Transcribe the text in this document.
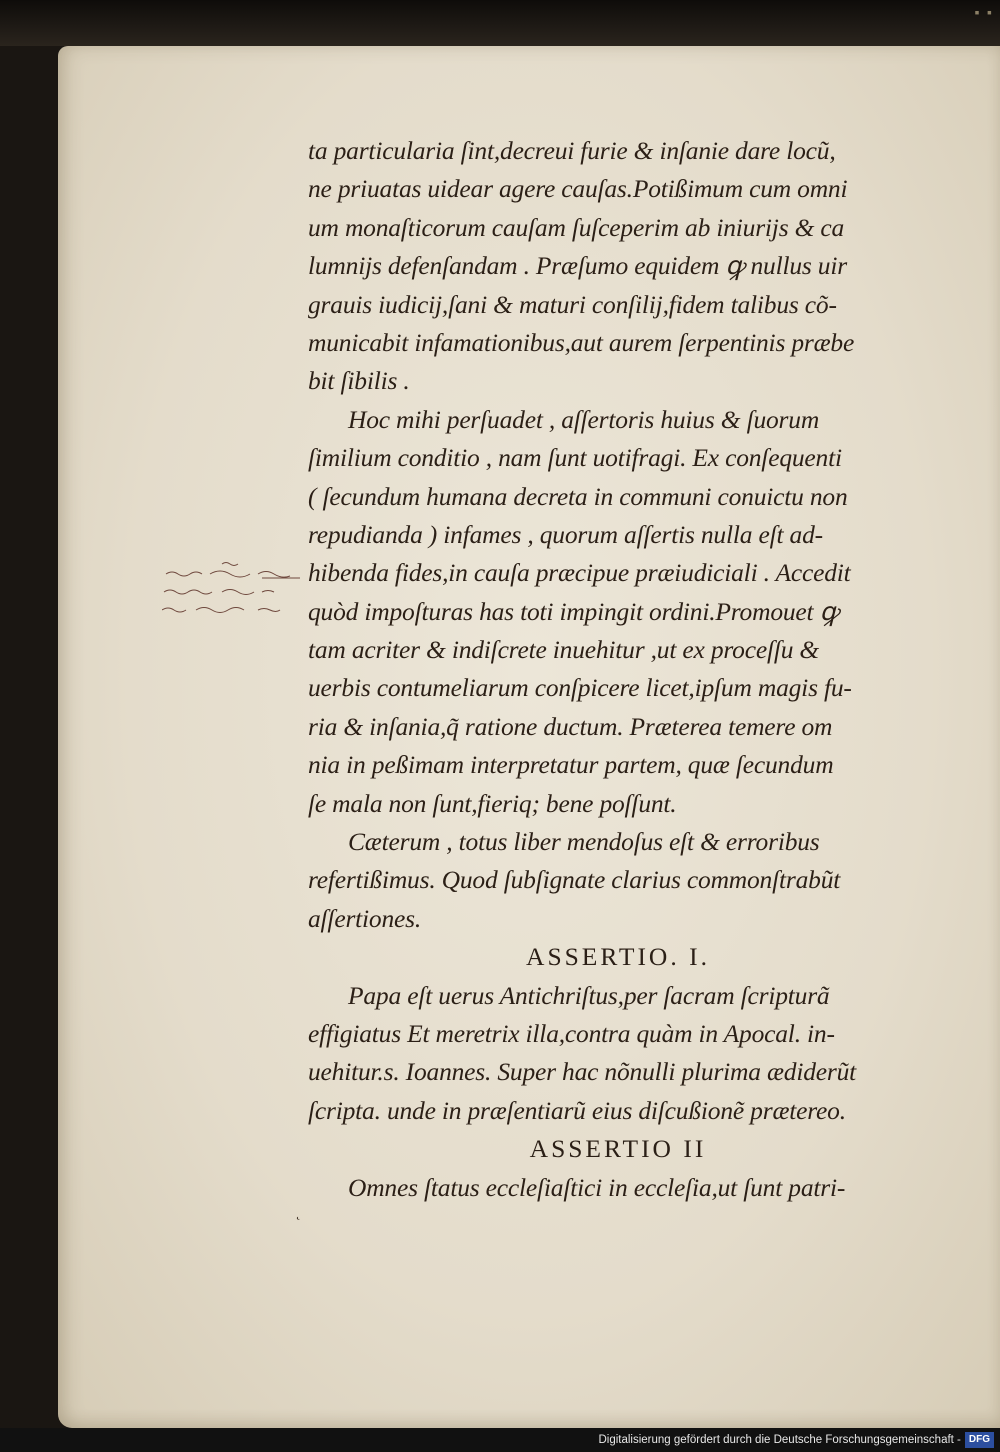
▪ ▪
ta particularia ſint,decreui furie & inſanie dare locũ,
ne priuatas uidear agere cauſas.Potißimum cum omni
um monaſticorum cauſam ſuſceperim ab iniurijs & ca
lumnijs defenſandam . Præſumo equidem ꝙ nullus uir
grauis iudicij,ſani & maturi conſilij,fidem talibus cõ-
municabit infamationibus,aut aurem ſerpentinis præbe
bit ſibilis .
Hoc mihi perſuadet , aſſertoris huius & ſuorum
ſimilium conditio , nam ſunt uotifragi. Ex conſequenti
( ſecundum humana decreta in communi conuictu non
repudianda ) infames , quorum aſſertis nulla eſt ad-
hibenda fides,in cauſa præcipue præiudiciali . Accedit
quòd impoſturas has toti impingit ordini.Promouet ꝙ
tam acriter & indiſcrete inuehitur ,ut ex proceſſu &
uerbis contumeliarum conſpicere licet,ipſum magis fu-
ria & inſania,q̃ ratione ductum. Præterea temere om
nia in peßimam interpretatur partem, quæ ſecundum
ſe mala non ſunt,fieriq; bene poſſunt.
Cæterum , totus liber mendoſus eſt & erroribus
refertißimus. Quod ſubſignate clarius commonſtrabũt
aſſertiones.
ASSERTIO. I.
Papa eſt uerus Antichriſtus,per ſacram ſcripturã
effigiatus Et meretrix illa,contra quàm in Apocal. in-
uehitur.s. Ioannes. Super hac nõnulli plurima ædiderũt
ſcripta. unde in præſentiarũ eius diſcußionẽ prætereo.
ASSERTIO II
Omnes ſtatus eccleſiaſtici in eccleſia,ut ſunt patri-
˛
Digitalisierung gefördert durch die Deutsche Forschungsgemeinschaft - DFG
